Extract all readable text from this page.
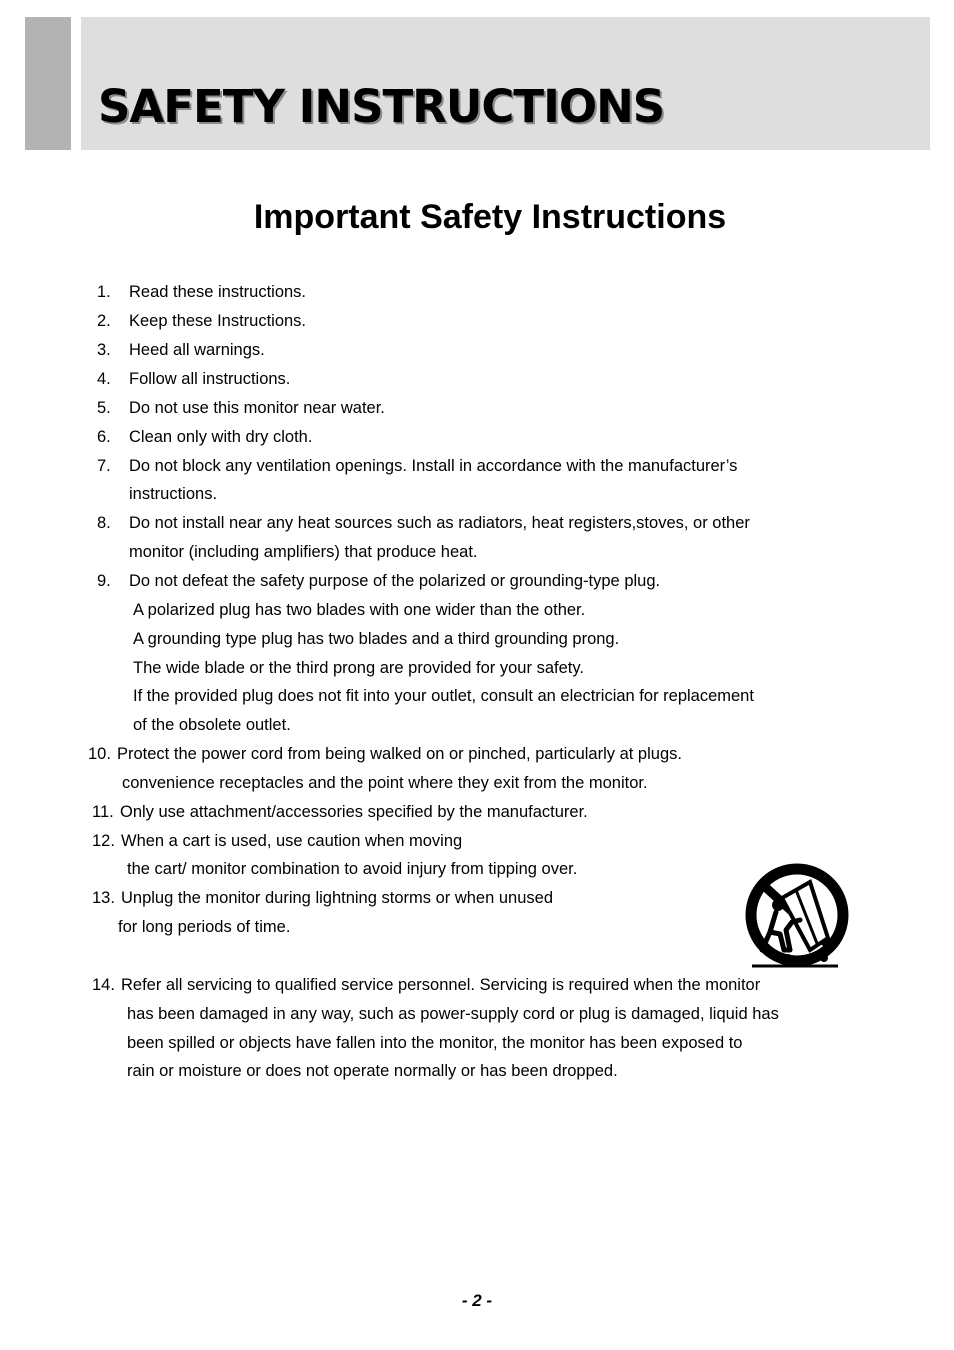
SAFETY INSTRUCTIONS
Important Safety Instructions
1. Read these instructions.
2. Keep these Instructions.
3. Heed all warnings.
4. Follow all instructions.
5. Do not use this monitor near water.
6. Clean only with dry cloth.
7. Do not block any ventilation openings. Install in accordance with the manufacturer’s
instructions.
8. Do not install near any heat sources such as radiators, heat registers,stoves, or other
monitor (including amplifiers) that produce heat.
9. Do not defeat the safety purpose of the polarized or grounding-type plug.
A polarized plug has two blades with one wider than the other.
A grounding type plug has two blades and a third grounding prong.
The wide blade or the third prong are provided for your safety.
If the provided plug does not fit into your outlet, consult an electrician for replacement
of the obsolete outlet.
10. Protect the power cord from being walked on or pinched, particularly at plugs.
convenience receptacles and the point where they exit from the monitor.
11. Only use attachment/accessories specified by the manufacturer.
12. When a cart is used, use caution when moving
the cart/ monitor combination to avoid injury from tipping over.
13. Unplug the monitor during lightning storms or when unused
for long periods of time.
14. Refer all servicing to qualified service personnel. Servicing is required when the monitor
has been damaged in any way, such as power-supply cord or plug is damaged, liquid has
been spilled or objects have fallen into the monitor, the monitor has been exposed to
rain or moisture or does not operate normally or has been dropped.
- 2 -
